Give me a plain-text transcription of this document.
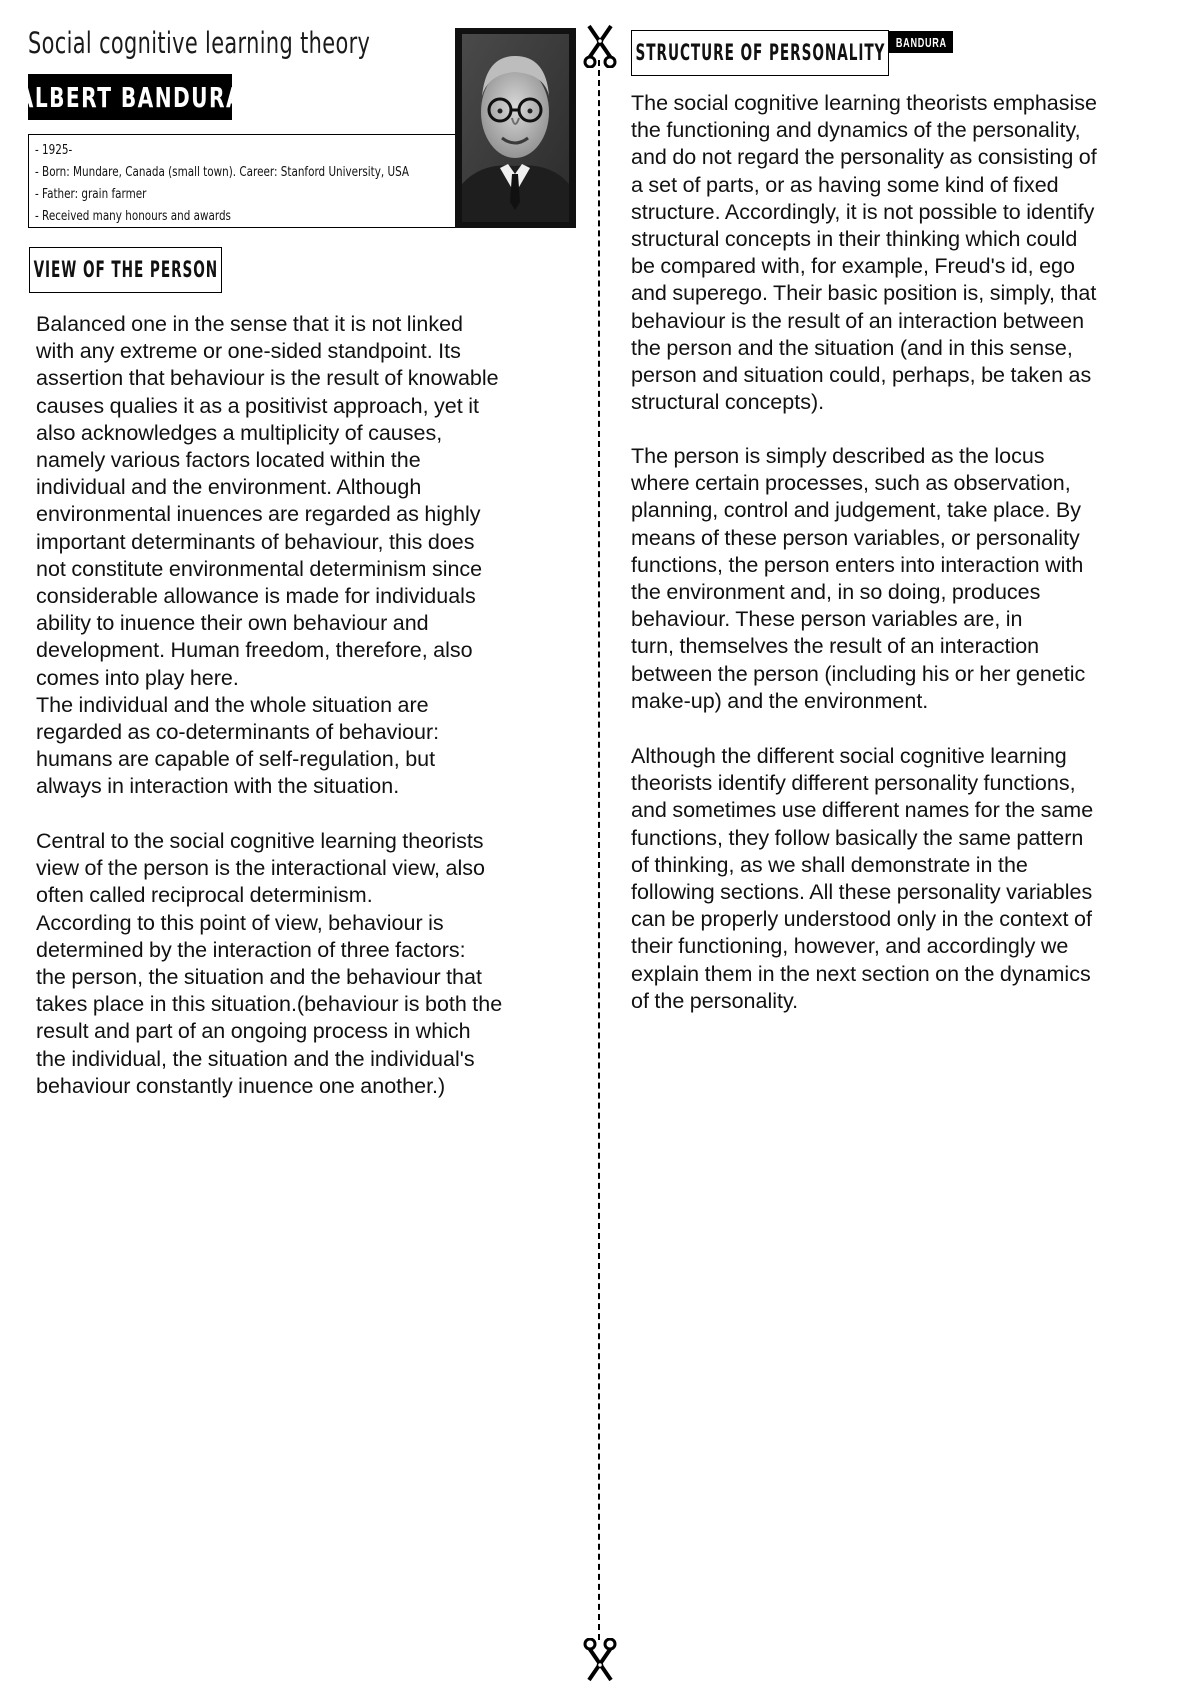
Social cognitive learning theory
ALBERT BANDURA
- 1925-
- Born: Mundare, Canada (small town). Career: Stanford University, USA
- Father: grain farmer
- Received many honours and awards
VIEW OF THE PERSON

Balanced one in the sense that it is not linked
with any extreme or one-sided standpoint. Its
assertion that behaviour is the result of knowable
causes qualies it as a positivist approach, yet it
also acknowledges a multiplicity of causes,
namely various factors located within the
individual and the environment. Although
environmental inuences are regarded as highly
important determinants of behaviour, this does
not constitute environmental determinism since
considerable allowance is made for individuals
ability to inuence their own behaviour and
development. Human freedom, therefore, also
comes into play here.
The individual and the whole situation are
regarded as co-determinants of behaviour:
humans are capable of self-regulation, but
always in interaction with the situation.

Central to the social cognitive learning theorists
view of the person is the interactional view, also
often called reciprocal determinism.
According to this point of view, behaviour is
determined by the interaction of three factors:
the person, the situation and the behaviour that
takes place in this situation.(behaviour is both the
result and part of an ongoing process in which
the individual, the situation and the individual's
behaviour constantly inuence one another.)

STRUCTURE OF PERSONALITY BANDURA

The social cognitive learning theorists emphasise
the functioning and dynamics of the personality,
and do not regard the personality as consisting of
a set of parts, or as having some kind of fixed
structure. Accordingly, it is not possible to identify
structural concepts in their thinking which could
be compared with, for example, Freud's id, ego
and superego. Their basic position is, simply, that
behaviour is the result of an interaction between
the person and the situation (and in this sense,
person and situation could, perhaps, be taken as
structural concepts).

The person is simply described as the locus
where certain processes, such as observation,
planning, control and judgement, take place. By
means of these person variables, or personality
functions, the person enters into interaction with
the environment and, in so doing, produces
behaviour. These person variables are, in
turn, themselves the result of an interaction
between the person (including his or her genetic
make-up) and the environment.

Although the different social cognitive learning
theorists identify different personality functions,
and sometimes use different names for the same
functions, they follow basically the same pattern
of thinking, as we shall demonstrate in the
following sections. All these personality variables
can be properly understood only in the context of
their functioning, however, and accordingly we
explain them in the next section on the dynamics
of the personality.
